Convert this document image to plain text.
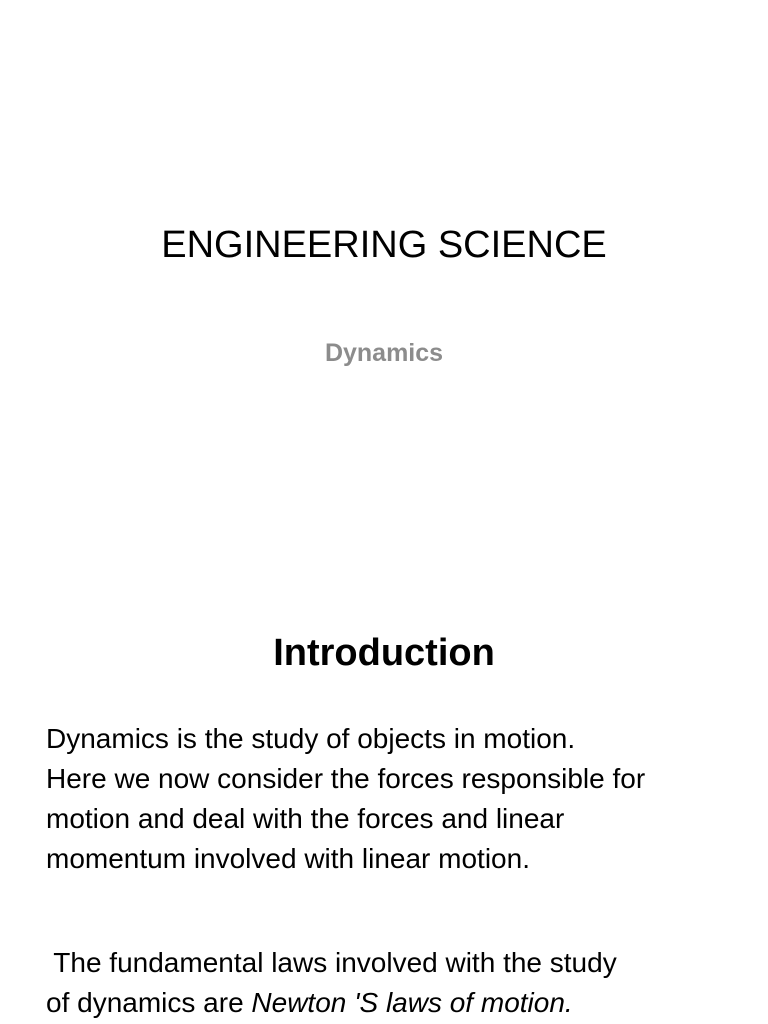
ENGINEERING SCIENCE

Dynamics

Introduction

Dynamics is the study of objects in motion.
Here we now consider the forces responsible for
motion and deal with the forces and linear
momentum involved with linear motion.

The fundamental laws involved with the study
of dynamics are Newton 'S laws of motion.
